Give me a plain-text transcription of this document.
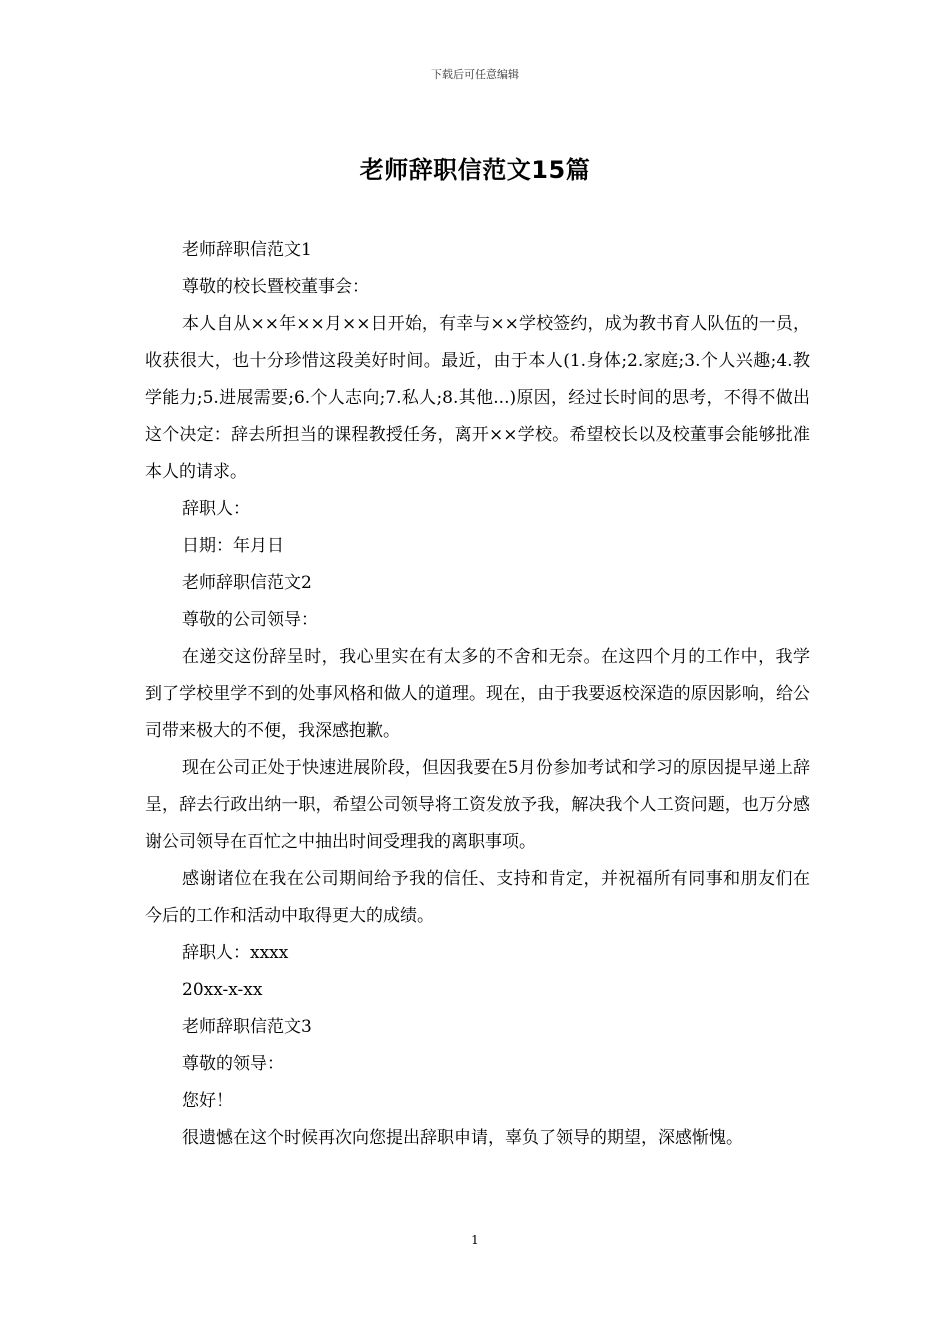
下载后可任意编辑
老师辞职信范文15篇

老师辞职信范文1

尊敬的校长暨校董事会：

本人自从××年××月××日开始，有幸与××学校签约，成为教书育人队伍的一员，收获很大，也十分珍惜这段美好时间。最近，由于本人(1.身体;2.家庭;3.个人兴趣;4.教学能力;5.进展需要;6.个人志向;7.私人;8.其他...)原因，经过长时间的思考，不得不做出这个决定：辞去所担当的课程教授任务，离开××学校。希望校长以及校董事会能够批准本人的请求。

辞职人：

日期：年月日

老师辞职信范文2

尊敬的公司领导：

在递交这份辞呈时，我心里实在有太多的不舍和无奈。在这四个月的工作中，我学到了学校里学不到的处事风格和做人的道理。现在，由于我要返校深造的原因影响，给公司带来极大的不便，我深感抱歉。

现在公司正处于快速进展阶段，但因我要在5月份参加考试和学习的原因提早递上辞呈，辞去行政出纳一职，希望公司领导将工资发放予我，解决我个人工资问题，也万分感谢公司领导在百忙之中抽出时间受理我的离职事项。

感谢诸位在我在公司期间给予我的信任、支持和肯定，并祝福所有同事和朋友们在今后的工作和活动中取得更大的成绩。

辞职人：xxxx

20xx-x-xx

老师辞职信范文3

尊敬的领导：

您好！

很遗憾在这个时候再次向您提出辞职申请，辜负了领导的期望，深感惭愧。

1
